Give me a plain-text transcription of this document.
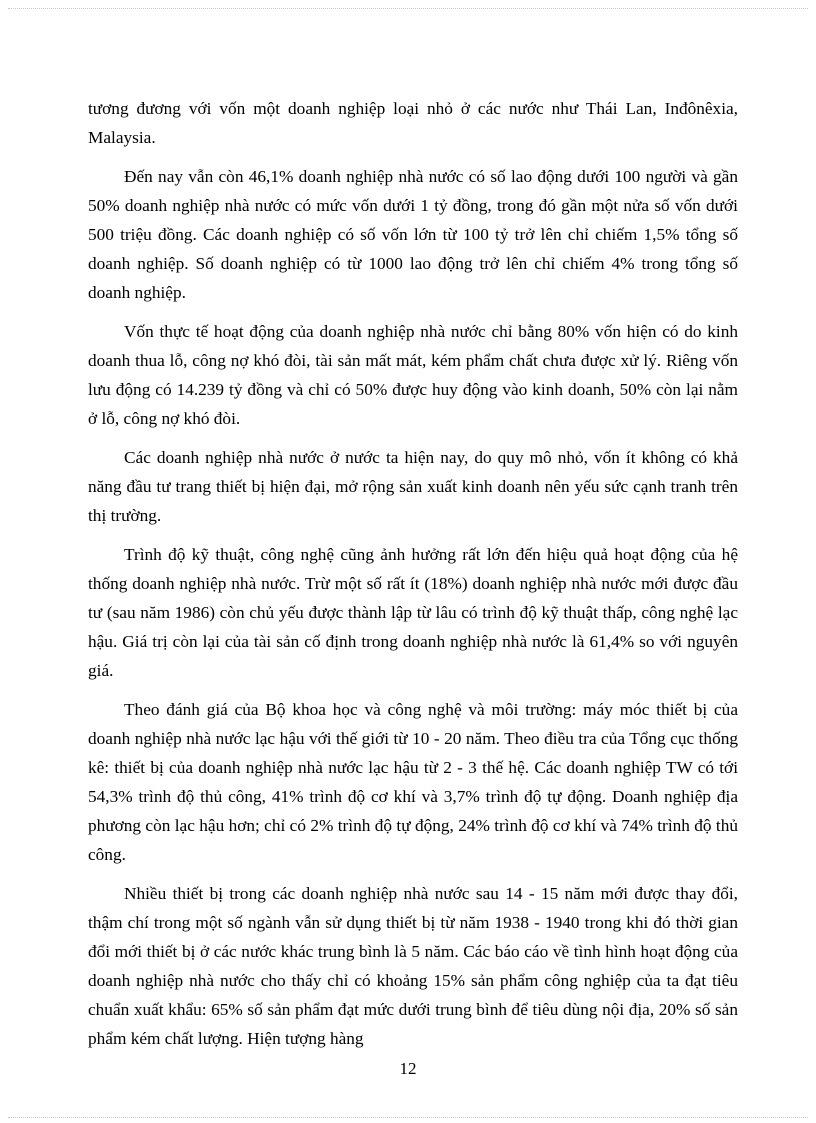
tương đương với vốn một doanh nghiệp loại nhỏ ở các nước như Thái Lan, Inđônêxia, Malaysia.

Đến nay vẫn còn 46,1% doanh nghiệp nhà nước có số lao động dưới 100 người và gần 50% doanh nghiệp nhà nước có mức vốn dưới 1 tỷ đồng, trong đó gần một nửa số vốn dưới 500 triệu đồng. Các doanh nghiệp có số vốn lớn từ 100 tỷ trở lên chỉ chiếm 1,5% tổng số doanh nghiệp. Số doanh nghiệp có từ 1000 lao động trở lên chỉ chiếm 4% trong tổng số doanh nghiệp.

Vốn thực tế hoạt động của doanh nghiệp nhà nước chỉ bằng 80% vốn hiện có do kinh doanh thua lỗ, công nợ khó đòi, tài sản mất mát, kém phẩm chất chưa được xử lý. Riêng vốn lưu động có 14.239 tỷ đồng và chỉ có 50% được huy động vào kinh doanh, 50% còn lại nằm ở lỗ, công nợ khó đòi.

Các doanh nghiệp nhà nước ở nước ta hiện nay, do quy mô nhỏ, vốn ít không có khả năng đầu tư trang thiết bị hiện đại, mở rộng sản xuất kinh doanh nên yếu sức cạnh tranh trên thị trường.

Trình độ kỹ thuật, công nghệ cũng ảnh hưởng rất lớn đến hiệu quả hoạt động của hệ thống doanh nghiệp nhà nước. Trừ một số rất ít (18%) doanh nghiệp nhà nước mới được đầu tư (sau năm 1986) còn chủ yếu được thành lập từ lâu có trình độ kỹ thuật thấp, công nghệ lạc hậu. Giá trị còn lại của tài sản cố định trong doanh nghiệp nhà nước là 61,4% so với nguyên giá.

Theo đánh giá của Bộ khoa học và công nghệ và môi trường: máy móc thiết bị của doanh nghiệp nhà nước lạc hậu với thế giới từ 10 - 20 năm. Theo điều tra của Tổng cục thống kê: thiết bị của doanh nghiệp nhà nước lạc hậu từ 2 - 3 thế hệ. Các doanh nghiệp TW có tới 54,3% trình độ thủ công, 41% trình độ cơ khí và 3,7% trình độ tự động. Doanh nghiệp địa phương còn lạc hậu hơn; chỉ có 2% trình độ tự động, 24% trình độ cơ khí và 74% trình độ thủ công.

Nhiều thiết bị trong các doanh nghiệp nhà nước sau 14 - 15 năm mới được thay đổi, thậm chí trong một số ngành vẫn sử dụng thiết bị từ năm 1938 - 1940 trong khi đó thời gian đổi mới thiết bị ở các nước khác trung bình là 5 năm. Các báo cáo về tình hình hoạt động của doanh nghiệp nhà nước cho thấy chỉ có khoảng 15% sản phẩm công nghiệp của ta đạt tiêu chuẩn xuất khẩu: 65% số sản phẩm đạt mức dưới trung bình để tiêu dùng nội địa, 20% số sản phẩm kém chất lượng. Hiện tượng hàng

12
